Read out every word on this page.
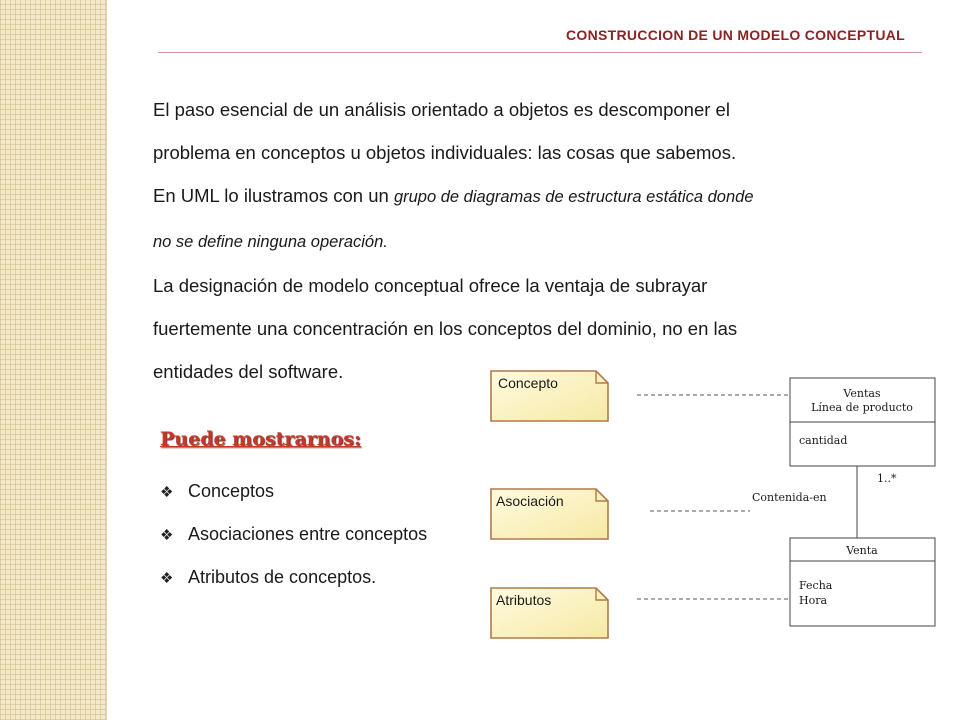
CONSTRUCCION DE UN MODELO CONCEPTUAL

El paso esencial de un análisis orientado a objetos es descomponer el
problema en conceptos u objetos individuales: las cosas que sabemos.

En UML lo ilustramos con un grupo de diagramas de estructura estática donde
no se define ninguna operación.

La designación de modelo conceptual ofrece la ventaja de subrayar
fuertemente una concentración en los conceptos del dominio, no en las
entidades del software.

Puede mostrarnos:
❖ Conceptos
❖ Asociaciones entre conceptos
❖ Atributos de conceptos.
Concepto
Asociación
Atributos
Ventas
Línea de producto
cantidad
1..*
Contenida-en
Venta
Fecha
Hora
